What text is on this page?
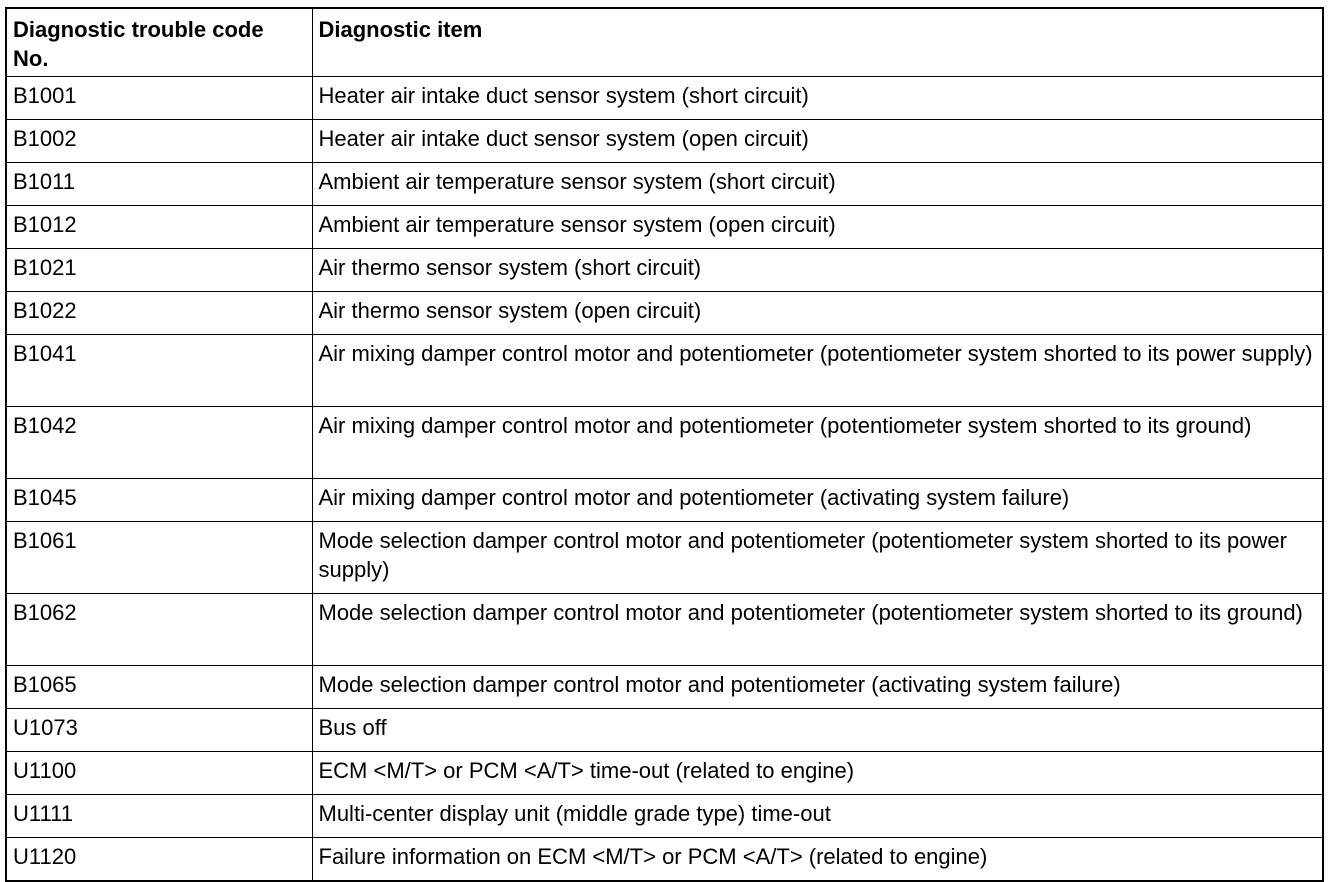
Diagnostic trouble code No.	Diagnostic item
B1001	Heater air intake duct sensor system (short circuit)
B1002	Heater air intake duct sensor system (open circuit)
B1011	Ambient air temperature sensor system (short circuit)
B1012	Ambient air temperature sensor system (open circuit)
B1021	Air thermo sensor system (short circuit)
B1022	Air thermo sensor system (open circuit)
B1041	Air mixing damper control motor and potentiometer (potentiometer system shorted to its power supply)
B1042	Air mixing damper control motor and potentiometer (potentiometer system shorted to its ground)
B1045	Air mixing damper control motor and potentiometer (activating system failure)
B1061	Mode selection damper control motor and potentiometer (potentiometer system shorted to its power supply)
B1062	Mode selection damper control motor and potentiometer (potentiometer system shorted to its ground)
B1065	Mode selection damper control motor and potentiometer (activating system failure)
U1073	Bus off
U1100	ECM <M/T> or PCM <A/T> time-out (related to engine)
U1111	Multi-center display unit (middle grade type) time-out
U1120	Failure information on ECM <M/T> or PCM <A/T> (related to engine)
